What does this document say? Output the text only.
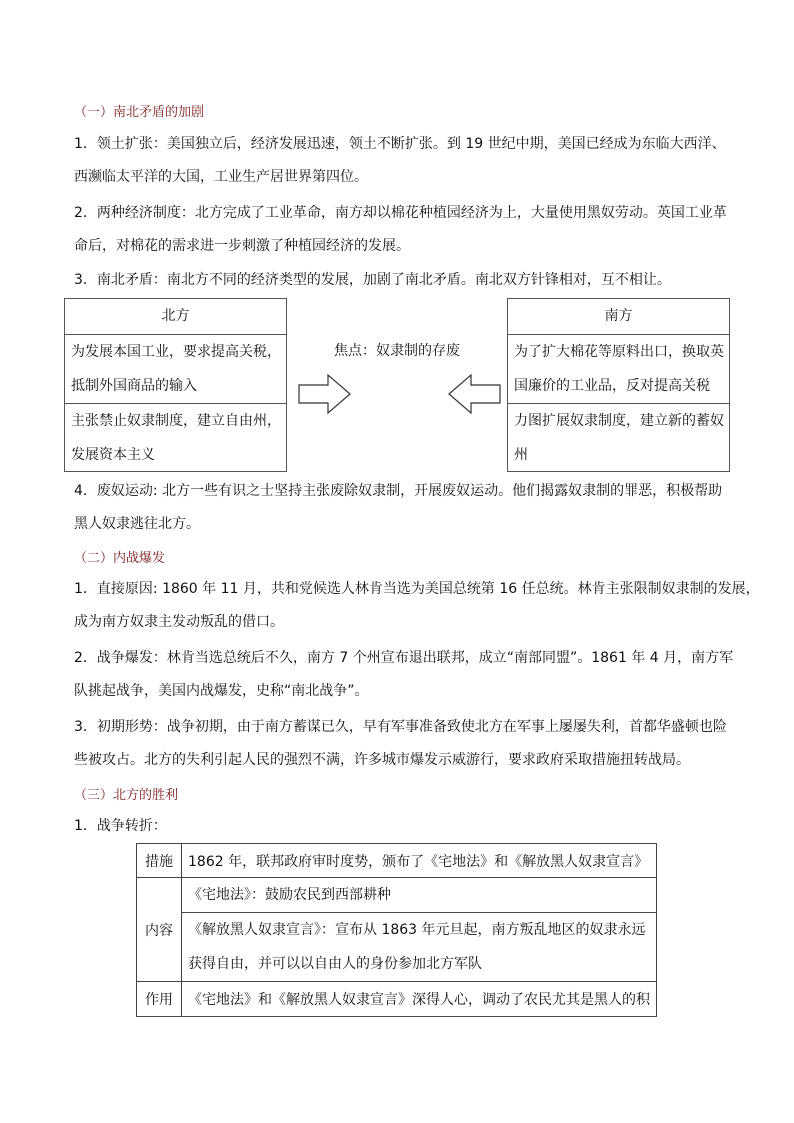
（一）南北矛盾的加剧
1．领土扩张：美国独立后，经济发展迅速，领土不断扩张。到 19 世纪中期，美国已经成为东临大西洋、
西濒临太平洋的大国，工业生产居世界第四位。
2．两种经济制度：北方完成了工业革命，南方却以棉花种植园经济为上，大量使用黑奴劳动。英国工业革
命后，对棉花的需求进一步刺激了种植园经济的发展。
3．南北矛盾：南北方不同的经济类型的发展，加剧了南北矛盾。南北双方针锋相对，互不相让。
北方
为发展本国工业，要求提高关税，
抵制外国商品的输入
主张禁止奴隶制度，建立自由州，
发展资本主义
焦点：奴隶制的存废
南方
为了扩大棉花等原料出口，换取英
国廉价的工业品，反对提高关税
力图扩展奴隶制度，建立新的蓄奴
州
4．废奴运动: 北方一些有识之士坚持主张废除奴隶制，开展废奴运动。他们揭露奴隶制的罪恶，积极帮助
黑人奴隶逃往北方。
（二）内战爆发
1．直接原因: 1860 年 11 月，共和党候选人林肯当选为美国总统第 16 任总统。林肯主张限制奴隶制的发展，
成为南方奴隶主发动叛乱的借口。
2．战争爆发：林肯当选总统后不久，南方 7 个州宣布退出联邦，成立“南部同盟”。1861 年 4 月，南方军
队挑起战争，美国内战爆发，史称“南北战争”。
3．初期形势：战争初期，由于南方蓄谋已久，早有军事准备致使北方在军事上屡屡失利，首都华盛顿也险
些被攻占。北方的失利引起人民的强烈不满，许多城市爆发示威游行，要求政府采取措施扭转战局。
（三）北方的胜利
1．战争转折：
措施	1862 年，联邦政府审时度势，颁布了《宅地法》和《解放黑人奴隶宣言》
内容	《宅地法》：鼓励农民到西部耕种
《解放黑人奴隶宣言》：宣布从 1863 年元旦起，南方叛乱地区的奴隶永远
获得自由，并可以以自由人的身份参加北方军队

作用	《宅地法》和《解放黑人奴隶宣言》深得人心，调动了农民尤其是黑人的积
